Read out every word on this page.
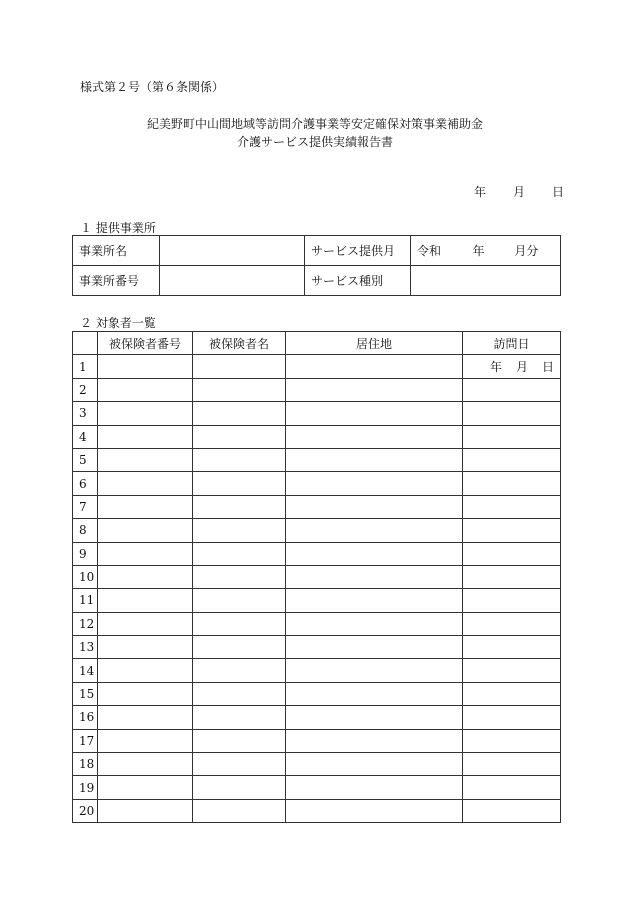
様式第２号（第６条関係）
紀美野町中山間地域等訪問介護事業等安定確保対策事業補助金
介護サービス提供実績報告書
年 月 日
１ 提供事業所
事業所名		サービス提供月	令和 年 月分
事業所番号		サービス種別	
２ 対象者一覧
	被保険者番号	被保険者名	居住地	訪問日
1				年 月 日

2				
3				
4				
5				
6				
7				
8				
9				
10				
11				
12				
13				
14				
15				
16				
17				
18				
19				
20				
